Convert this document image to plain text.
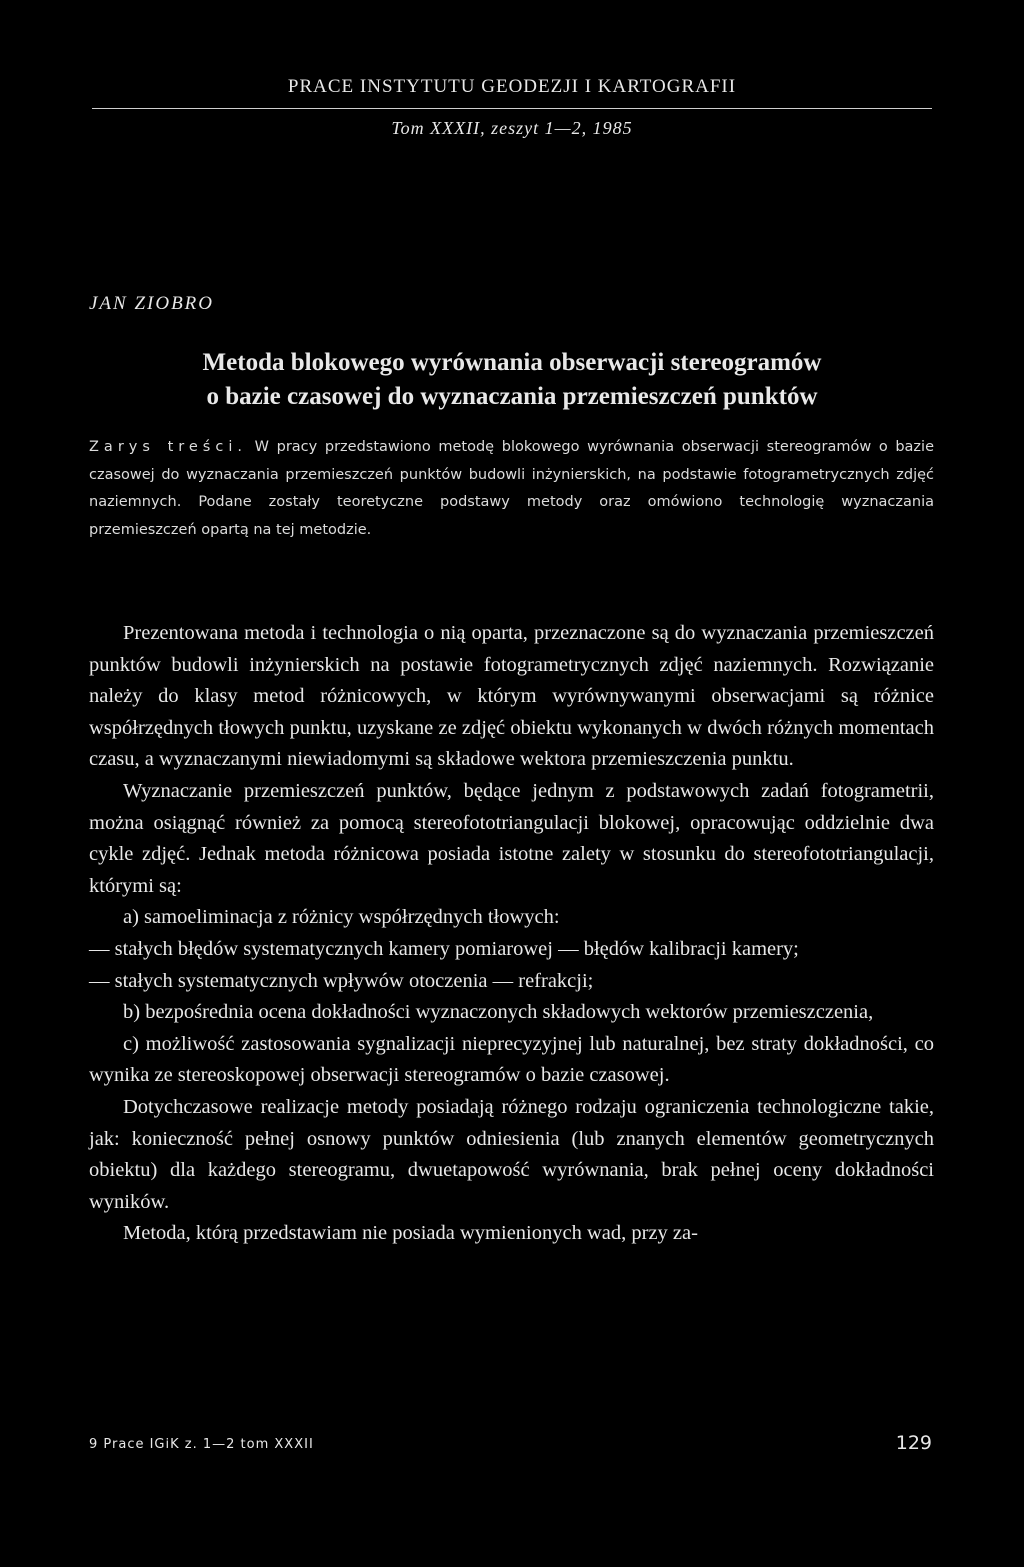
PRACE INSTYTUTU GEODEZJI I KARTOGRAFII
Tom XXXII, zeszyt 1—2, 1985
JAN ZIOBRO
Metoda blokowego wyrównania obserwacji stereogramów
o bazie czasowej do wyznaczania przemieszczeń punktów
Zarys treści. W pracy przedstawiono metodę blokowego wyrównania obserwacji stereogramów o bazie czasowej do wyznaczania przemieszczeń punktów budowli inżynierskich, na podstawie fotogrametrycznych zdjęć naziemnych. Podane zostały teoretyczne podstawy metody oraz omówiono technologię wyznaczania przemieszczeń opartą na tej metodzie.

Prezentowana metoda i technologia o nią oparta, przeznaczone są do wyznaczania przemieszczeń punktów budowli inżynierskich na postawie fotogrametrycznych zdjęć naziemnych. Rozwiązanie należy do klasy metod różnicowych, w którym wyrównywanymi obserwacjami są różnice współrzędnych tłowych punktu, uzyskane ze zdjęć obiektu wykonanych w dwóch różnych momentach czasu, a wyznaczanymi niewiadomymi są składowe wektora przemieszczenia punktu.

Wyznaczanie przemieszczeń punktów, będące jednym z podstawowych zadań fotogrametrii, można osiągnąć również za pomocą stereofototriangulacji blokowej, opracowując oddzielnie dwa cykle zdjęć. Jednak metoda różnicowa posiada istotne zalety w stosunku do stereofototriangulacji, którymi są:

a) samoeliminacja z różnicy współrzędnych tłowych:

— stałych błędów systematycznych kamery pomiarowej — błędów kalibracji kamery;

— stałych systematycznych wpływów otoczenia — refrakcji;

b) bezpośrednia ocena dokładności wyznaczonych składowych wektorów przemieszczenia,

c) możliwość zastosowania sygnalizacji nieprecyzyjnej lub naturalnej, bez straty dokładności, co wynika ze stereoskopowej obserwacji stereogramów o bazie czasowej.

Dotychczasowe realizacje metody posiadają różnego rodzaju ograniczenia technologiczne takie, jak: konieczność pełnej osnowy punktów odniesienia (lub znanych elementów geometrycznych obiektu) dla każdego stereogramu, dwuetapowość wyrównania, brak pełnej oceny dokładności wyników.

Metoda, którą przedstawiam nie posiada wymienionych wad, przy za-

9 Prace IGiK z. 1—2 tom XXXII	129
